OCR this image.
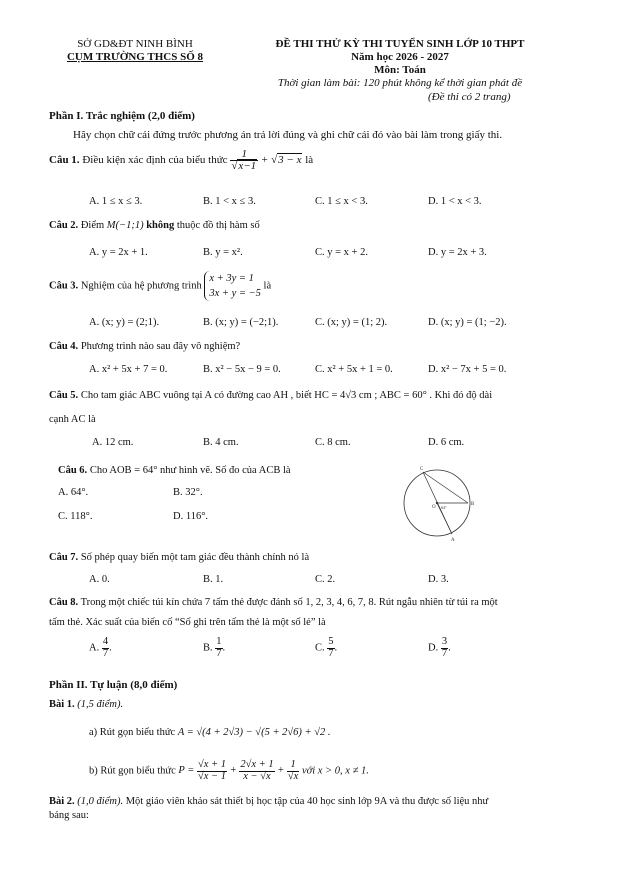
SỞ GD&ĐT NINH BÌNH
CỤM TRƯỜNG THCS SỐ 8
ĐỀ THI THỬ KỲ THI TUYỂN SINH LỚP 10 THPT
Năm học 2026 - 2027
Môn: Toán
Thời gian làm bài: 120 phút không kể thời gian phát đề
(Đề thi có 2 trang)
Phần I. Trắc nghiệm (2,0 điểm)
Hãy chọn chữ cái đứng trước phương án trả lời đúng và ghi chữ cái đó vào bài làm trong giấy thi.
Câu 1. Điều kiện xác định của biểu thức $\frac{1}{√x-1} + √3 - x$ là
A. 1 ≤ x ≤ 3.	B. 1 < x ≤ 3.	C. 1 ≤ x < 3.	D. 1 < x < 3.
Câu 2. Điểm M(−1;1) không thuộc đồ thị hàm số
A. y = 2x + 1.	B. y = x².	C. y = x + 2.	D. y = 2x + 3.
Câu 3. Nghiệm của hệ phương trình
x + 3y = 1
3x + y = −5
là
A. (x; y) = (2;1).	B. (x; y) = (−2;1).	C. (x; y) = (1; 2).	D. (x; y) = (1; −2).
Câu 4. Phương trình nào sau đây vô nghiệm?
A. x² + 5x + 7 = 0.	B. x² − 5x − 9 = 0.	C. x² + 5x + 1 = 0.	D. x² − 7x + 5 = 0.
Câu 5. Cho tam giác ABC vuông tại A có đường cao AH , biết HC = 4√3 cm ; ABC = 60° . Khi đó độ dài
cạnh AC là
A. 12 cm.	B. 4 cm.	C. 8 cm.	D. 6 cm.
Câu 6. Cho AOB = 64° như hình vẽ. Số đo của ACB là
A. 64°.	B. 32°.
C. 118°.	D. 116°.
C
O
B
A
64°
Câu 7. Số phép quay biến một tam giác đều thành chính nó là
A. 0.	B. 1.	C. 2.	D. 3.
Câu 8. Trong một chiếc túi kín chứa 7 tấm thẻ được đánh số 1, 2, 3, 4, 6, 7, 8. Rút ngẫu nhiên từ túi ra một
tấm thẻ. Xác suất của biến cố “Số ghi trên tấm thẻ là một số lẻ” là
A. $\frac{4}{7}$ .	B. $\frac{1}{7}$ .	C. $\frac{5}{7}$ .	D. $\frac{3}{7}$ .
Phần II. Tự luận (8,0 điểm)
Bài 1. (1,5 điểm).
a) Rút gọn biểu thức A = √(4 + 2√3) − √(5 + 2√6) + √2 .
b) Rút gọn biểu thức $P = \frac{√x + 1}{√x - 1} + \frac{2√x + 1}{x - √x} + \frac{1}{√x}$ với x > 0, x ≠ 1.
Bài 2. (1,0 điểm). Một giáo viên khảo sát thiết bị học tập của 40 học sinh lớp 9A và thu được số liệu như
bảng sau:
